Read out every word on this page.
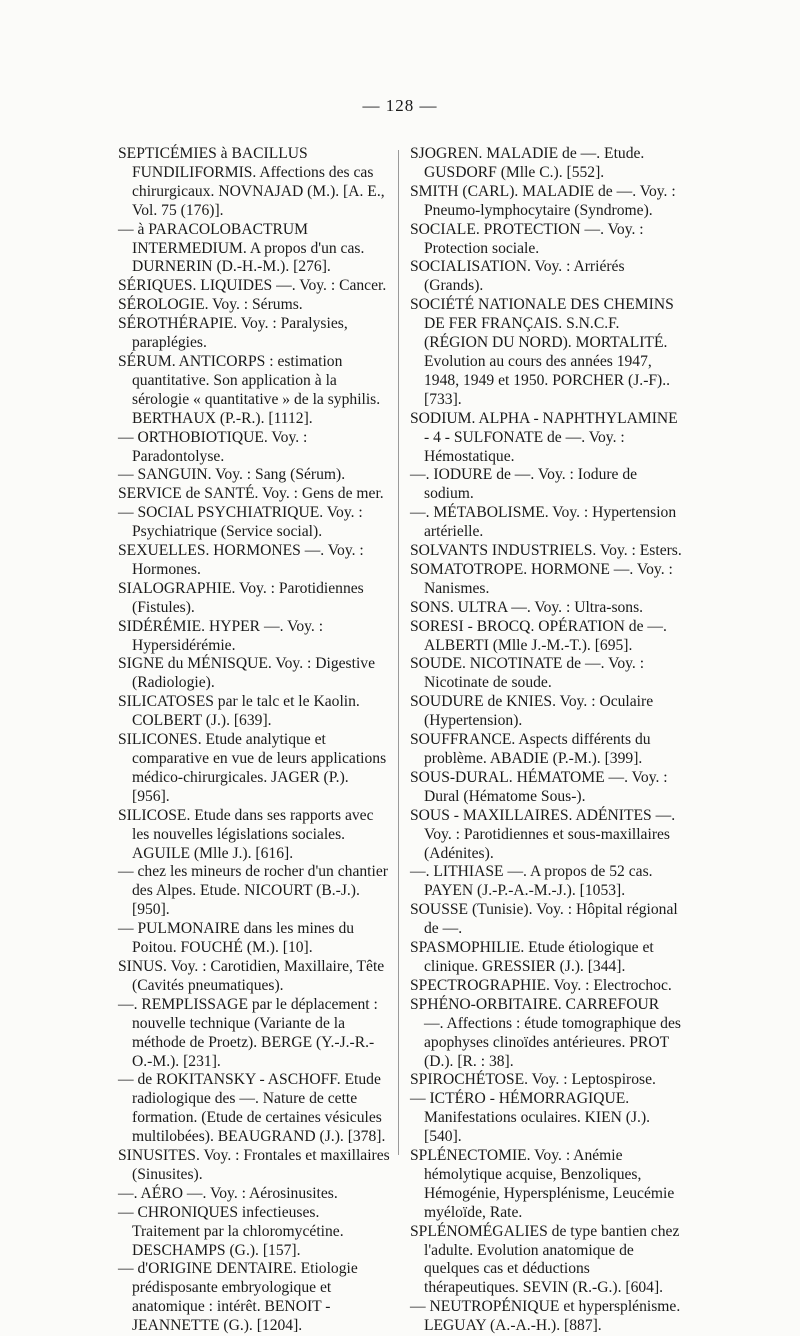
— 128 —

SEPTICÉMIES à BACILLUS FUNDILIFORMIS. Affections des cas chirurgicaux. NOVNAJAD (M.). [A. E., Vol. 75 (176)].

— à PARACOLOBACTRUM INTERMEDIUM. A propos d'un cas. DURNERIN (D.-H.-M.). [276].

SÉRIQUES. LIQUIDES —. Voy. : Cancer.

SÉROLOGIE. Voy. : Sérums.

SÉROTHÉRAPIE. Voy. : Paralysies, paraplégies.

SÉRUM. ANTICORPS : estimation quantitative. Son application à la sérologie « quantitative » de la syphilis. BERTHAUX (P.-R.). [1112].

— ORTHOBIOTIQUE. Voy. : Paradontolyse.

— SANGUIN. Voy. : Sang (Sérum).

SERVICE de SANTÉ. Voy. : Gens de mer.

— SOCIAL PSYCHIATRIQUE. Voy. : Psychiatrique (Service social).

SEXUELLES. HORMONES —. Voy. : Hormones.

SIALOGRAPHIE. Voy. : Parotidiennes (Fistules).

SIDÉRÉMIE. HYPER —. Voy. : Hypersidérémie.

SIGNE du MÉNISQUE. Voy. : Digestive (Radiologie).

SILICATOSES par le talc et le Kaolin. COLBERT (J.). [639].

SILICONES. Etude analytique et comparative en vue de leurs applications médico-chirurgicales. JAGER (P.). [956].

SILICOSE. Etude dans ses rapports avec les nouvelles législations sociales. AGUILE (Mlle J.). [616].

— chez les mineurs de rocher d'un chantier des Alpes. Etude. NICOURT (B.-J.). [950].

— PULMONAIRE dans les mines du Poitou. FOUCHÉ (M.). [10].

SINUS. Voy. : Carotidien, Maxillaire, Tête (Cavités pneumatiques).

—. REMPLISSAGE par le déplacement : nouvelle technique (Variante de la méthode de Proetz). BERGE (Y.-J.-R.-O.-M.). [231].

— de ROKITANSKY - ASCHOFF. Etude radiologique des —. Nature de cette formation. (Etude de certaines vésicules multilobées). BEAUGRAND (J.). [378].

SINUSITES. Voy. : Frontales et maxillaires (Sinusites).

—. AÉRO —. Voy. : Aérosinusites.

— CHRONIQUES infectieuses. Traitement par la chloromycétine. DESCHAMPS (G.). [157].

— d'ORIGINE DENTAIRE. Etiologie prédisposante embryologique et anatomique : intérêt. BENOIT - JEANNETTE (G.). [1204].

SJOGREN. MALADIE de —. Etude. GUSDORF (Mlle C.). [552].

SMITH (CARL). MALADIE de —. Voy. : Pneumo-lymphocytaire (Syndrome).

SOCIALE. PROTECTION —. Voy. : Protection sociale.

SOCIALISATION. Voy. : Arriérés (Grands).

SOCIÉTÉ NATIONALE DES CHEMINS DE FER FRANÇAIS. S.N.C.F. (RÉGION DU NORD). MORTALITÉ. Evolution au cours des années 1947, 1948, 1949 et 1950. PORCHER (J.-F).. [733].

SODIUM. ALPHA - NAPHTHYLAMINE - 4 - SULFONATE de —. Voy. : Hémostatique.

—. IODURE de —. Voy. : Iodure de sodium.

—. MÉTABOLISME. Voy. : Hypertension artérielle.

SOLVANTS INDUSTRIELS. Voy. : Esters.

SOMATOTROPE. HORMONE —. Voy. : Nanismes.

SONS. ULTRA —. Voy. : Ultra-sons.

SORESI - BROCQ. OPÉRATION de —. ALBERTI (Mlle J.-M.-T.). [695].

SOUDE. NICOTINATE de —. Voy. : Nicotinate de soude.

SOUDURE de KNIES. Voy. : Oculaire (Hypertension).

SOUFFRANCE. Aspects différents du problème. ABADIE (P.-M.). [399].

SOUS-DURAL. HÉMATOME —. Voy. : Dural (Hématome Sous-).

SOUS - MAXILLAIRES. ADÉNITES —. Voy. : Parotidiennes et sous-maxillaires (Adénites).

—. LITHIASE —. A propos de 52 cas. PAYEN (J.-P.-A.-M.-J.). [1053].

SOUSSE (Tunisie). Voy. : Hôpital régional de —.

SPASMOPHILIE. Etude étiologique et clinique. GRESSIER (J.). [344].

SPECTROGRAPHIE. Voy. : Electrochoc.

SPHÉNO-ORBITAIRE. CARREFOUR —. Affections : étude tomographique des apophyses clinoïdes antérieures. PROT (D.). [R. : 38].

SPIROCHÉTOSE. Voy. : Leptospirose.

— ICTÉRO - HÉMORRAGIQUE. Manifestations oculaires. KIEN (J.). [540].

SPLÉNECTOMIE. Voy. : Anémie hémolytique acquise, Benzoliques, Hémogénie, Hypersplénisme, Leucémie myéloïde, Rate.

SPLÉNOMÉGALIES de type bantien chez l'adulte. Evolution anatomique de quelques cas et déductions thérapeutiques. SEVIN (R.-G.). [604].

— NEUTROPÉNIQUE et hypersplénisme. LEGUAY (A.-A.-H.). [887].
